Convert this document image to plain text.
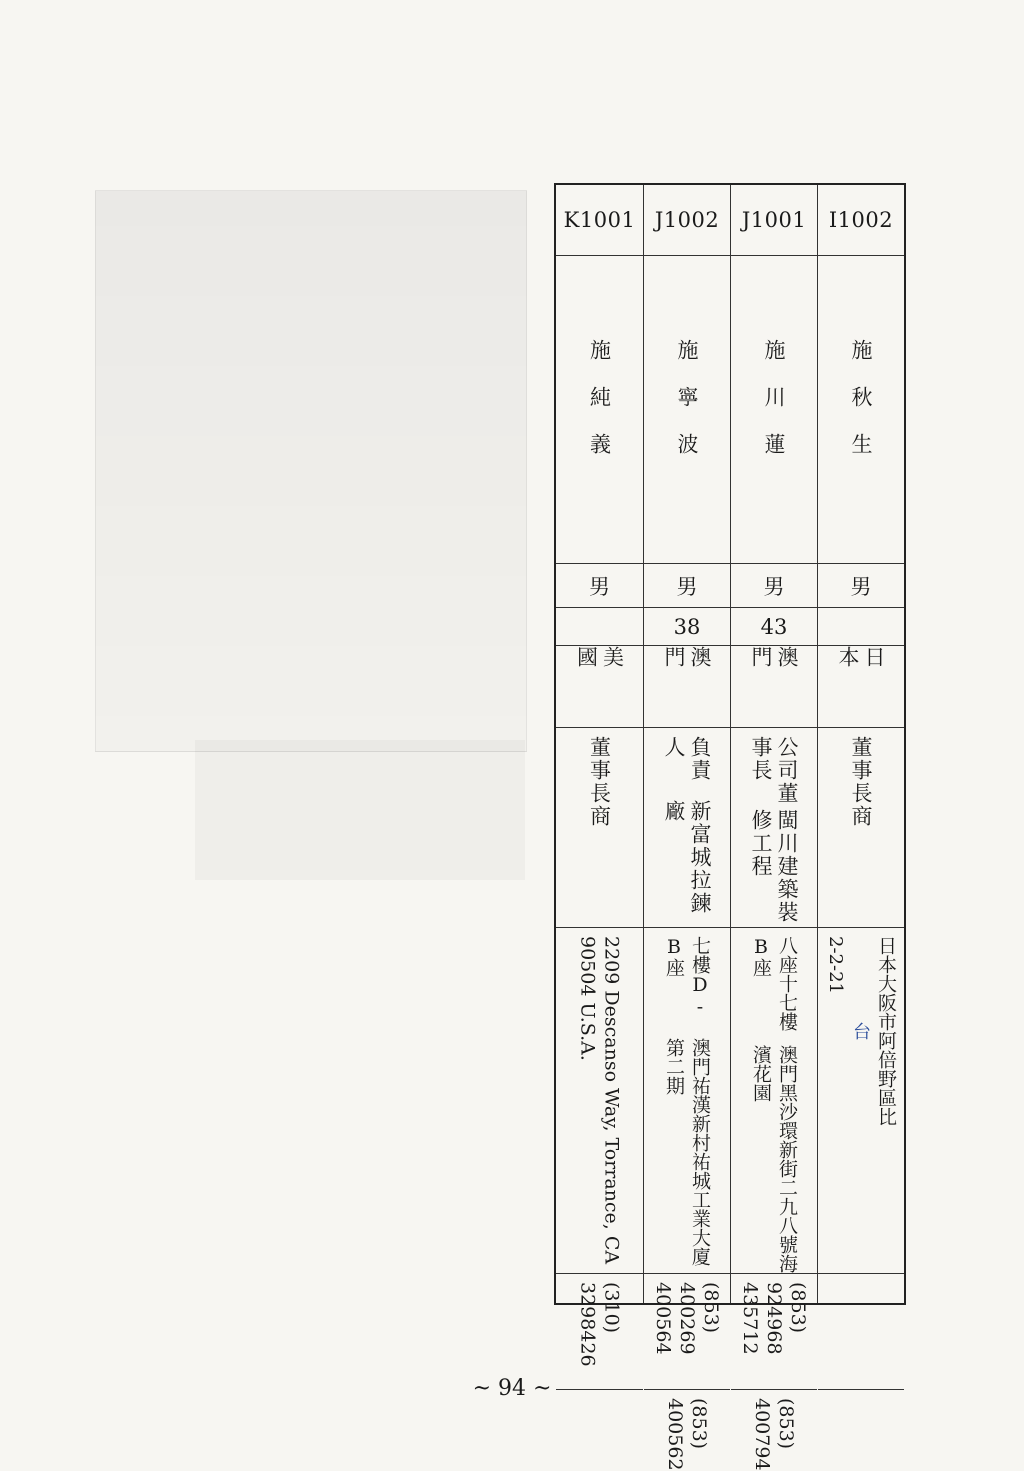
K1001
施純義
男
美國
商
董事長
2209 Descanso Way, Torrance, CA
90504 U.S.A.
(310)
3298426
J1002
施寧波
男
38
澳門
新富城拉鍊廠
負責人
澳門祐漢新村祐城工業大廈第二期
七樓D-B座
(853)
400269
400564
(853)
400562
J1001
施川蓮
男
43
澳門
閩川建築裝修工程
公司董事長
澳門黑沙環新街二九八號海濱花園
八座十七樓B座
(853)
924968
435712
(853)
400794
I1002
施秋生
男
日本
商
董事長
日本大阪市阿倍野區比
台
2-2-21
~ 94 ~
